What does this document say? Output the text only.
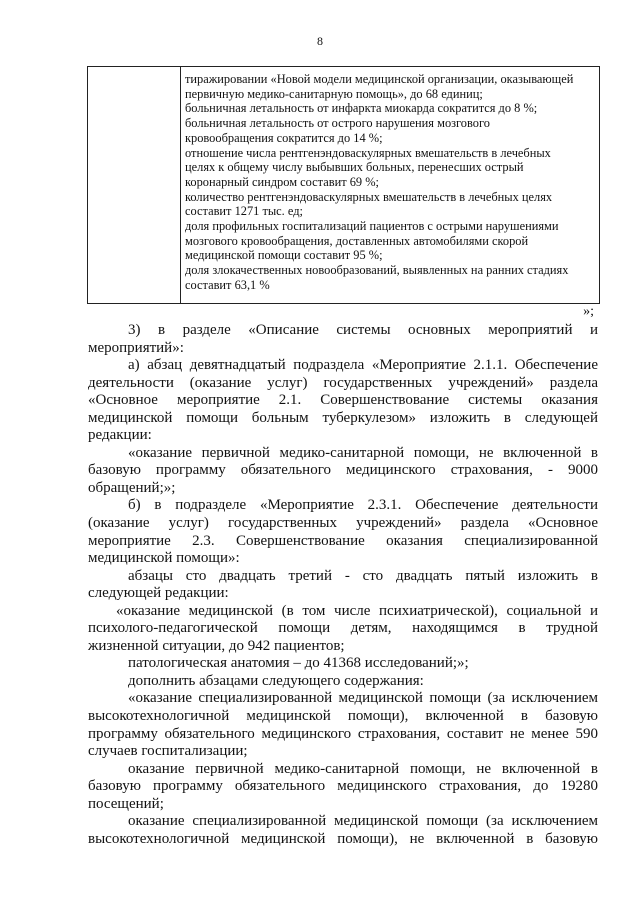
8
тиражировании «Новой модели медицинской организации, оказывающей
первичную медико-санитарную помощь», до 68 единиц;
больничная летальность от инфаркта миокарда сократится до 8 %;
больничная летальность от острого нарушения мозгового
кровообращения сократится до 14 %;
отношение числа рентгенэндоваскулярных вмешательств в лечебных
целях к общему числу выбывших больных, перенесших острый
коронарный синдром составит 69 %;
количество рентгенэндоваскулярных вмешательств в лечебных целях
составит 1271 тыс. ед;
доля профильных госпитализаций пациентов с острыми нарушениями
мозгового кровообращения, доставленных автомобилями скорой
медицинской помощи составит 95 %;
доля злокачественных новообразований, выявленных на ранних стадиях
составит 63,1 %
»;
3) в разделе «Описание системы основных мероприятий и
мероприятий»:
а) абзац девятнадцатый подраздела «Мероприятие 2.1.1. Обеспечение
деятельности (оказание услуг) государственных учреждений» раздела
«Основное мероприятие 2.1. Совершенствование системы оказания
медицинской помощи больным туберкулезом» изложить в следующей
редакции:
«оказание первичной медико-санитарной помощи, не включенной в
базовую программу обязательного медицинского страхования, - 9000
обращений;»;
б) в подразделе «Мероприятие 2.3.1. Обеспечение деятельности
(оказание услуг) государственных учреждений» раздела «Основное
мероприятие 2.3. Совершенствование оказания специализированной
медицинской помощи»:
абзацы сто двадцать третий - сто двадцать пятый изложить в
следующей редакции:
«оказание медицинской (в том числе психиатрической), социальной и
психолого-педагогической помощи детям, находящимся в трудной
жизненной ситуации, до 942 пациентов;
патологическая анатомия – до 41368 исследований;»;
дополнить абзацами следующего содержания:
«оказание специализированной медицинской помощи (за исключением
высокотехнологичной медицинской помощи), включенной в базовую
программу обязательного медицинского страхования, составит не менее 590
случаев госпитализации;
оказание первичной медико-санитарной помощи, не включенной в
базовую программу обязательного медицинского страхования, до 19280
посещений;
оказание специализированной медицинской помощи (за исключением
высокотехнологичной медицинской помощи), не включенной в базовую
